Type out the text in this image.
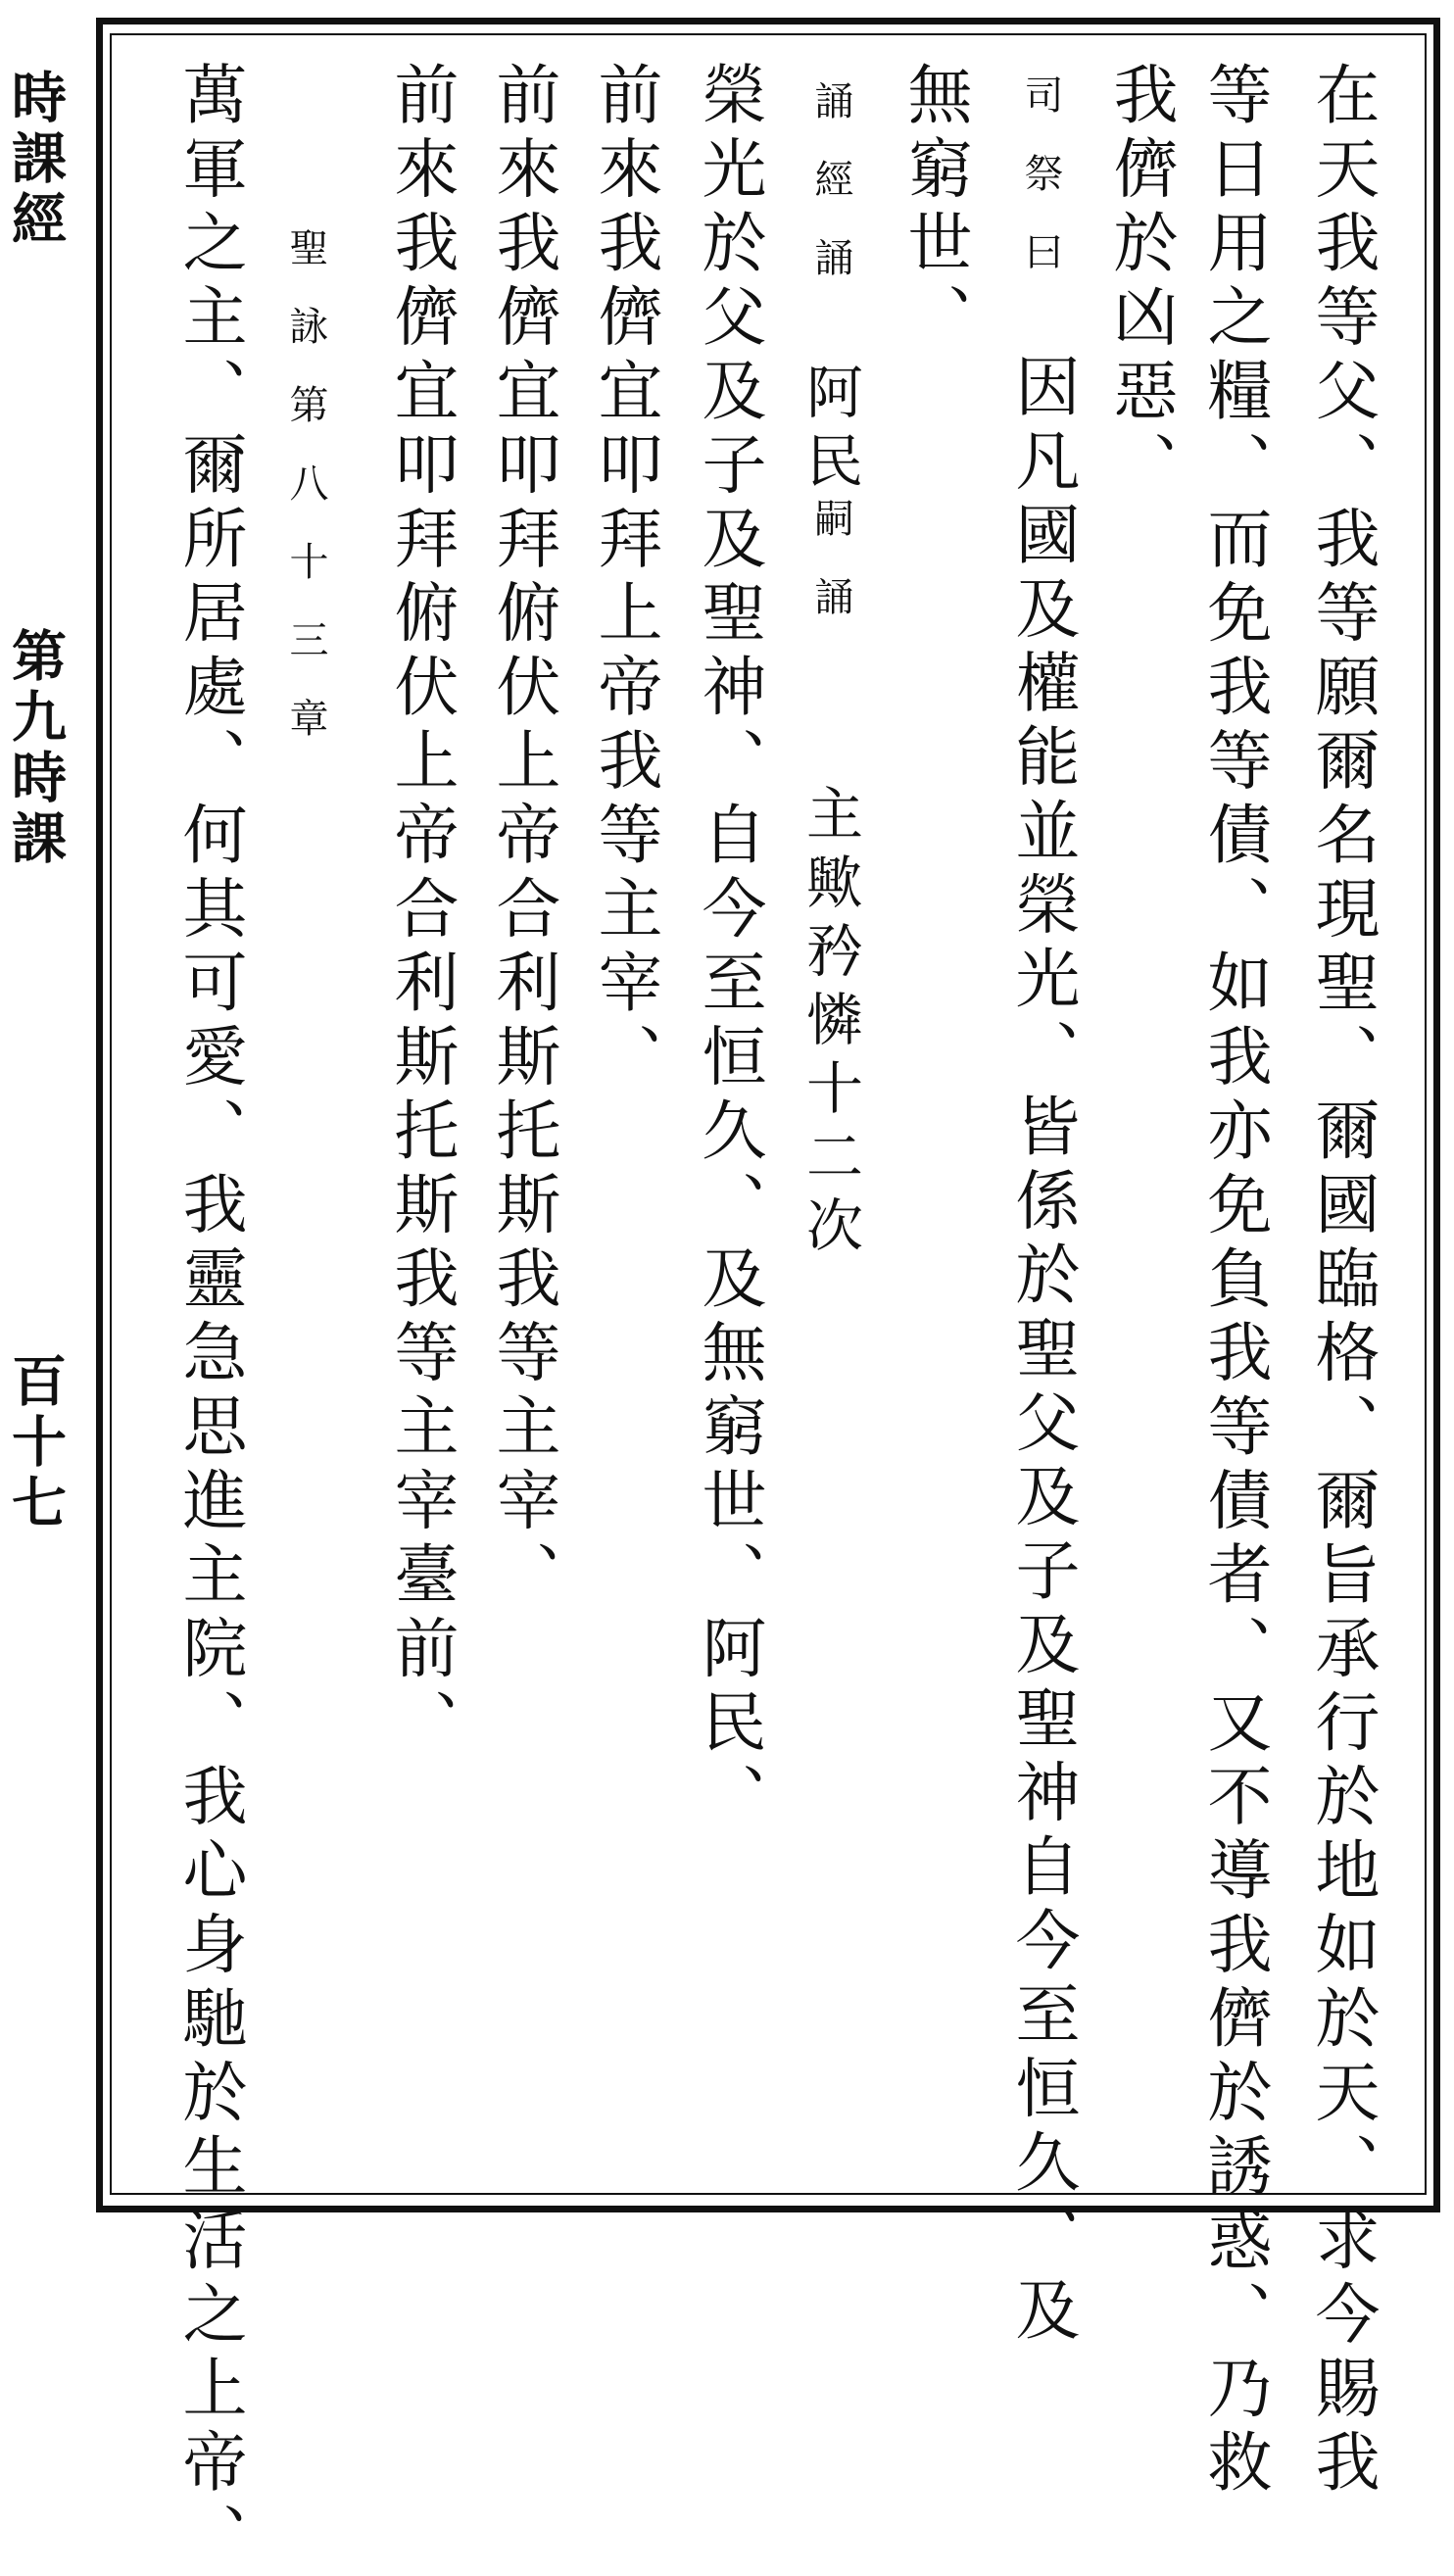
時課經
第九時課
百十七	在天我等父、我等願爾名現聖、爾國臨格、爾旨承行於地如於天、求今賜我
等日用之糧、而免我等債、如我亦免負我等債者、又不導我儕於誘惑、乃救
我儕於凶惡、
司祭曰
因凡國及權能並榮光、皆係於聖父及子及聖神自今至恒久、及
無窮世、
誦經誦
阿民
嗣誦
主歟矜憐十二次
榮光於父及子及聖神、自今至恒久、及無窮世、阿民、
前來我儕宜叩拜上帝我等主宰、
前來我儕宜叩拜俯伏上帝合利斯托斯我等主宰、
前來我儕宜叩拜俯伏上帝合利斯托斯我等主宰臺前、
聖詠第八十三章
萬軍之主、爾所居處、何其可愛、我靈急思進主院、我心身馳於生活之上帝、
